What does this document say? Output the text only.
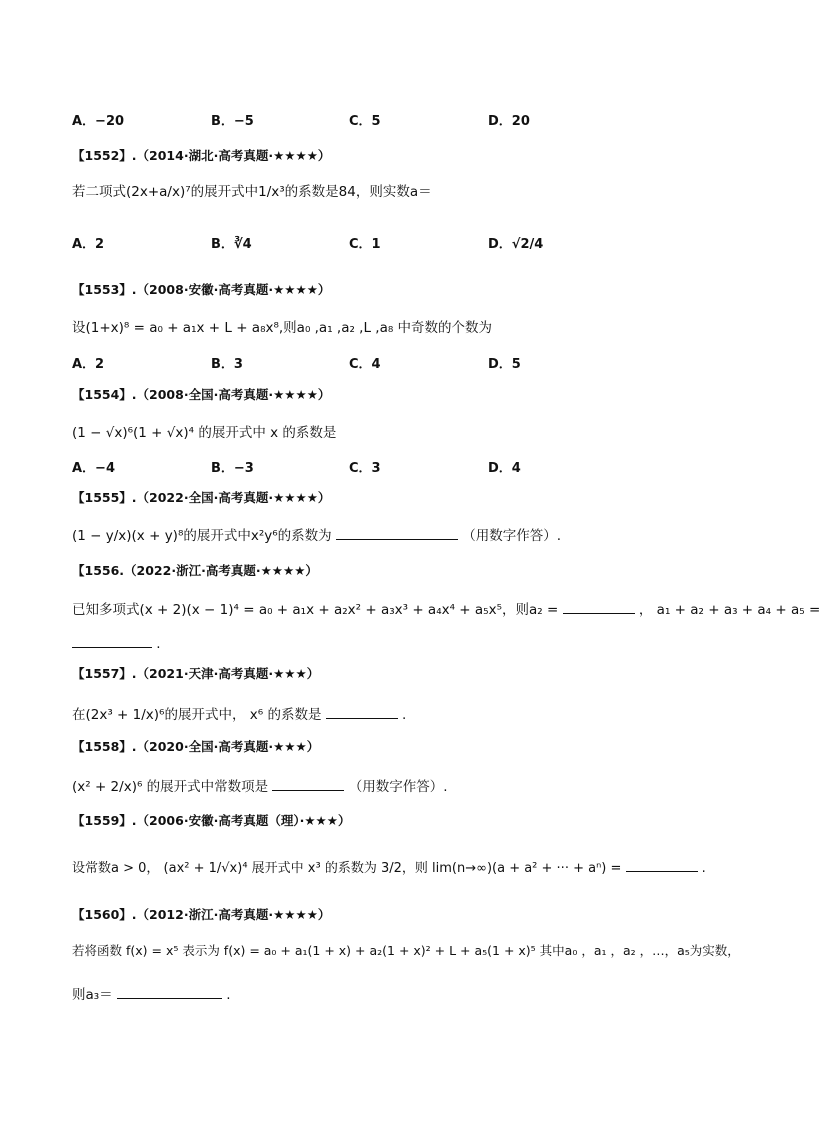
A．−20	B．−5	C．5	D．20
【1552】.（2014·湖北·高考真题·★★★★）
若二项式(2x+a/x)⁷的展开式中1/x³的系数是84，则实数a＝
A．2	B．∛4	C．1	D．√2/4
【1553】.（2008·安徽·高考真题·★★★★）
设(1+x)⁸ = a₀ + a₁x + L + a₈x⁸,则a₀ ,a₁ ,a₂ ,L ,a₈ 中奇数的个数为
A．2	B．3	C．4	D．5
【1554】.（2008·全国·高考真题·★★★★）
(1 − √x)⁶(1 + √x)⁴ 的展开式中 x 的系数是
A．−4	B．−3	C．3	D．4
【1555】.（2022·全国·高考真题·★★★★）
(1 − y/x)(x + y)⁸的展开式中x²y⁶的系数为	（用数字作答）.
【1556.（2022·浙江·高考真题·★★★★）
已知多项式(x + 2)(x − 1)⁴ = a₀ + a₁x + a₂x² + a₃x³ + a₄x⁴ + a₅x⁵，则a₂ =	， a₁ + a₂ + a₃ + a₄ + a₅ =
.
【1557】.（2021·天津·高考真题·★★★）
在(2x³ + 1/x)⁶的展开式中， x⁶ 的系数是	.
【1558】.（2020·全国·高考真题·★★★）
(x² + 2/x)⁶ 的展开式中常数项是	（用数字作答）.
【1559】.（2006·安徽·高考真题（理）·★★★）
设常数a > 0， (ax² + 1/√x)⁴ 展开式中 x³ 的系数为 3/2，则 lim(n→∞)(a + a² + ··· + aⁿ) =	.
【1560】.（2012·浙江·高考真题·★★★★）
若将函数 f(x) = x⁵ 表示为 f(x) = a₀ + a₁(1 + x) + a₂(1 + x)² + L + a₅(1 + x)⁵ 其中a₀ ，a₁ ，a₂ ，…，a₅为实数，
则a₃＝	.
